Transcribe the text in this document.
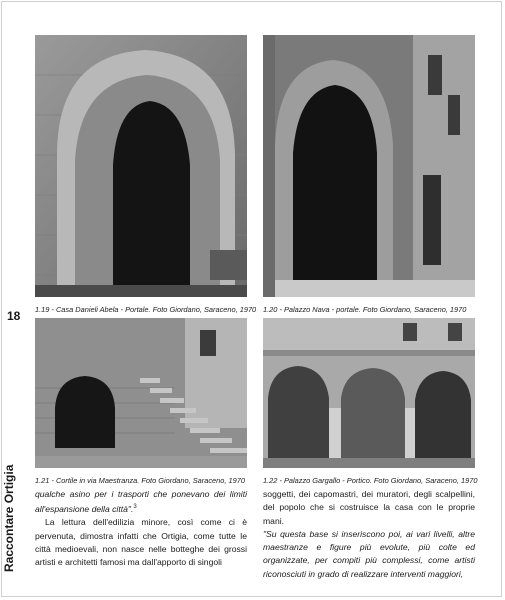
1.19 - Casa Danieli Abela - Portale. Foto Giordano, Saraceno, 1970 1.20 - Palazzo Nava - portale. Foto Giordano, Saraceno, 1970
18
1.21 - Cortile in via Maestranza. Foto Giordano, Saraceno, 1970 1.22 - Palazzo Gargallo - Portico. Foto Giordano, Saraceno, 1970
Raccontare Ortigia	qualche asino per i trasporti che ponevano dei limiti all'espansione della città".$^3$

La lettura dell'edilizia minore, così come ci è pervenuta, dimostra infatti che Ortigia, come tutte le città medioevali, non nasce nelle botteghe dei grossi artisti e architetti famosi ma dall'apporto di singoli

soggetti, dei capomastri, dei muratori, degli scalpellini, del popolo che si costruisce la casa con le proprie mani.

"Su questa base si inseriscono poi, ai vari livelli, altre maestranze e figure più evolute, più colte ed organizzate, per compiti più complessi, come artisti riconosciuti in grado di realizzare interventi maggiori,
